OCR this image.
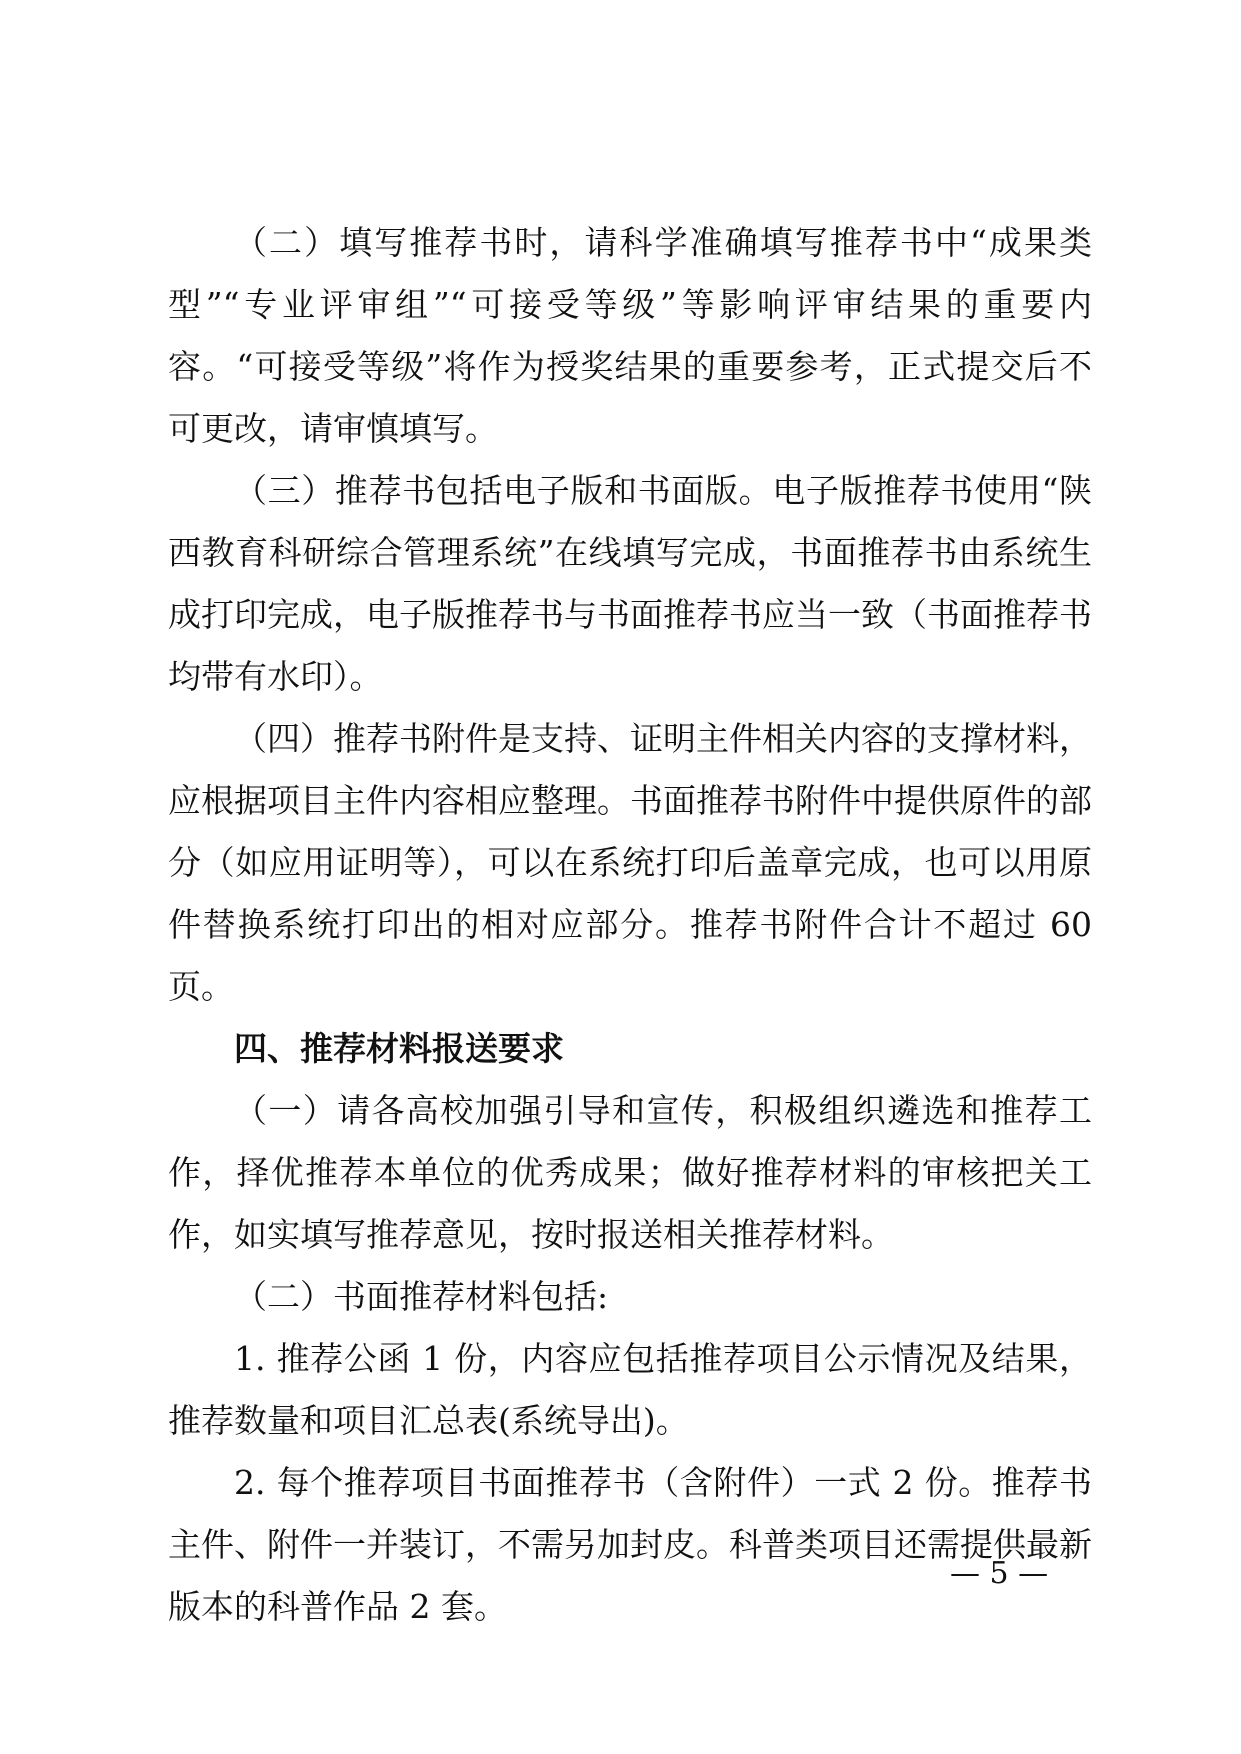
（二）填写推荐书时，请科学准确填写推荐书中“成果类型”“专业评审组”“可接受等级”等影响评审结果的重要内容。“可接受等级”将作为授奖结果的重要参考，正式提交后不可更改，请审慎填写。

（三）推荐书包括电子版和书面版。电子版推荐书使用“陕西教育科研综合管理系统”在线填写完成，书面推荐书由系统生成打印完成，电子版推荐书与书面推荐书应当一致（书面推荐书均带有水印）。

（四）推荐书附件是支持、证明主件相关内容的支撑材料，应根据项目主件内容相应整理。书面推荐书附件中提供原件的部分（如应用证明等），可以在系统打印后盖章完成，也可以用原件替换系统打印出的相对应部分。推荐书附件合计不超过 60 页。

四、推荐材料报送要求

（一）请各高校加强引导和宣传，积极组织遴选和推荐工作，择优推荐本单位的优秀成果；做好推荐材料的审核把关工作，如实填写推荐意见，按时报送相关推荐材料。

（二）书面推荐材料包括:

1. 推荐公函 1 份，内容应包括推荐项目公示情况及结果，推荐数量和项目汇总表(系统导出)。

2. 每个推荐项目书面推荐书（含附件）一式 2 份。推荐书主件、附件一并装订，不需另加封皮。科普类项目还需提供最新版本的科普作品 2 套。

— 5 —
